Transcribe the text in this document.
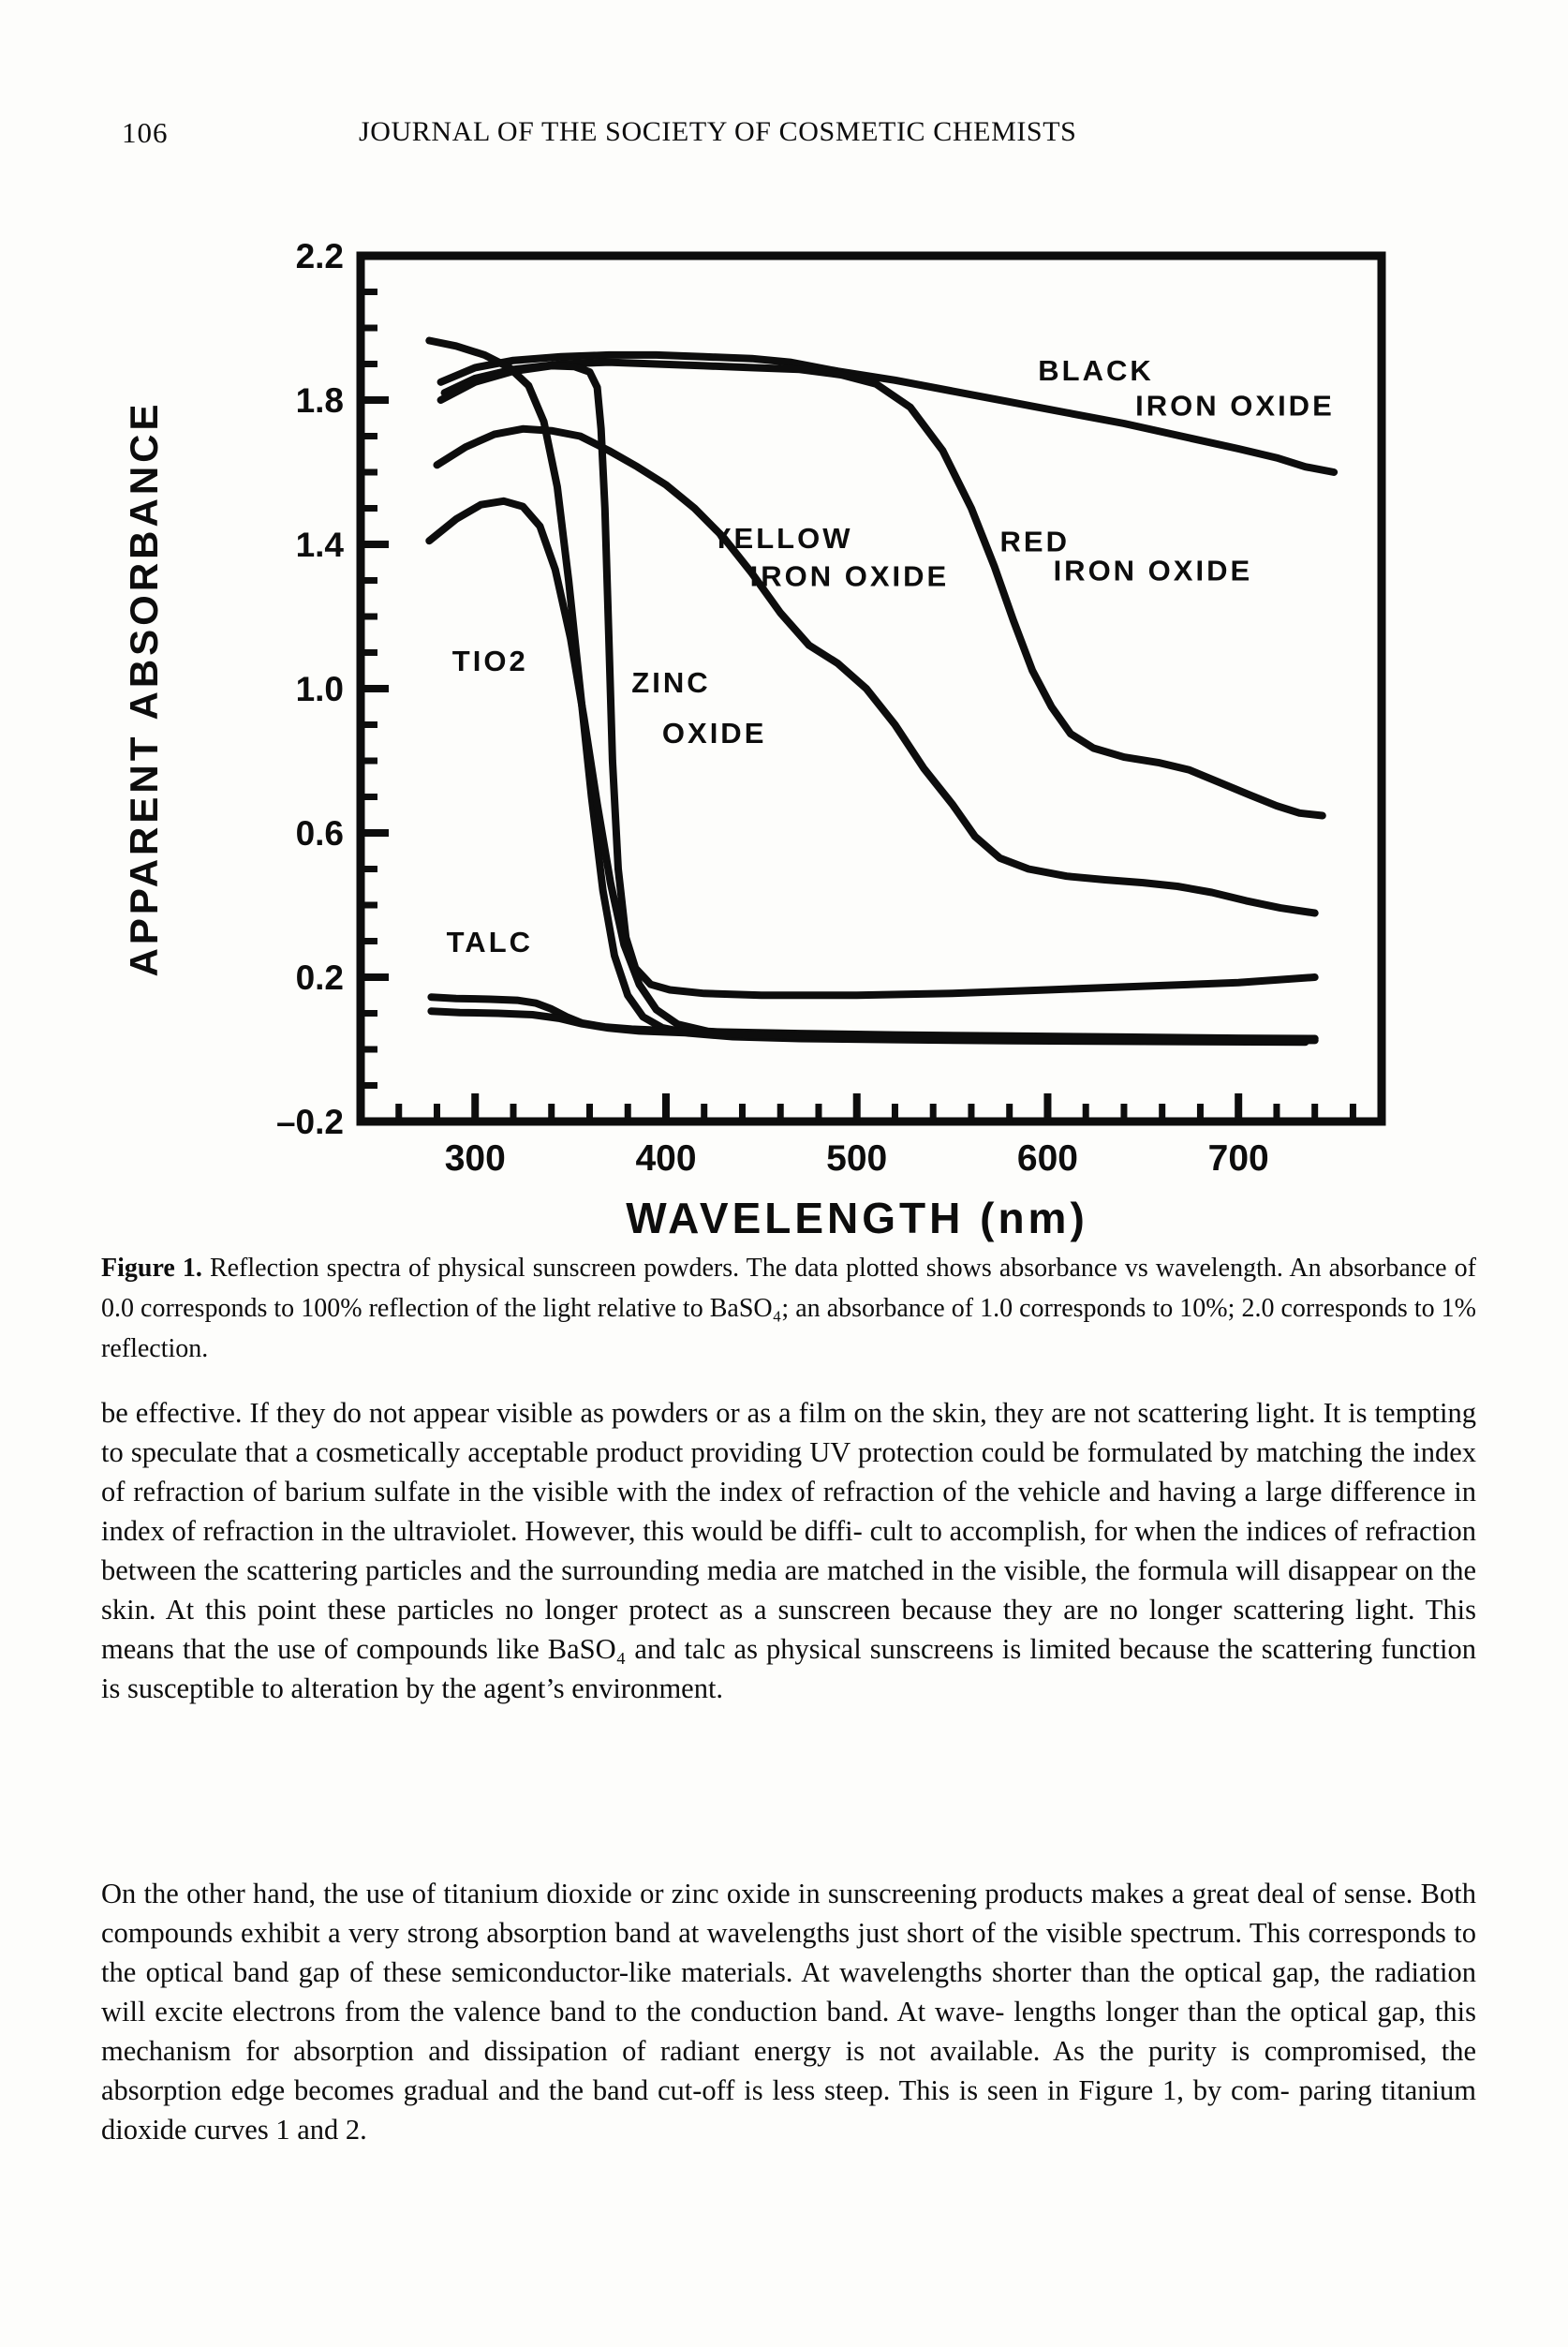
106	JOURNAL OF THE SOCIETY OF COSMETIC CHEMISTS
2.2
1.8
1.4
1.0
0.6
0.2
–0.2
300	400	500	600	700
BLACK
IRON OXIDE
YELLOW
IRON OXIDE
RED
IRON OXIDE
TIO2
ZINC
OXIDE
TALC
APPARENT ABSORBANCE
WAVELENGTH (nm)
Figure 1. Reflection spectra of physical sunscreen powders. The data plotted shows absorbance vs wavelength. An absorbance of 0.0 corresponds to 100% reflection of the light relative to BaSO₄; an absorbance of 1.0 corresponds to 10%; 2.0 corresponds to 1% reflection.
be effective. If they do not appear visible as powders or as a film on the skin, they are not scattering light. It is tempting to speculate that a cosmetically acceptable product providing UV protection could be formulated by matching the index of refraction of barium sulfate in the visible with the index of refraction of the vehicle and having a large difference in index of refraction in the ultraviolet. However, this would be diffi- cult to accomplish, for when the indices of refraction between the scattering particles and the surrounding media are matched in the visible, the formula will disappear on the skin. At this point these particles no longer protect as a sunscreen because they are no longer scattering light. This means that the use of compounds like BaSO₄ and talc as physical sunscreens is limited because the scattering function is susceptible to alteration by the agent’s environment.
On the other hand, the use of titanium dioxide or zinc oxide in sunscreening products makes a great deal of sense. Both compounds exhibit a very strong absorption band at wavelengths just short of the visible spectrum. This corresponds to the optical band gap of these semiconductor-like materials. At wavelengths shorter than the optical gap, the radiation will excite electrons from the valence band to the conduction band. At wave- lengths longer than the optical gap, this mechanism for absorption and dissipation of radiant energy is not available. As the purity is compromised, the absorption edge becomes gradual and the band cut-off is less steep. This is seen in Figure 1, by com- paring titanium dioxide curves 1 and 2.
